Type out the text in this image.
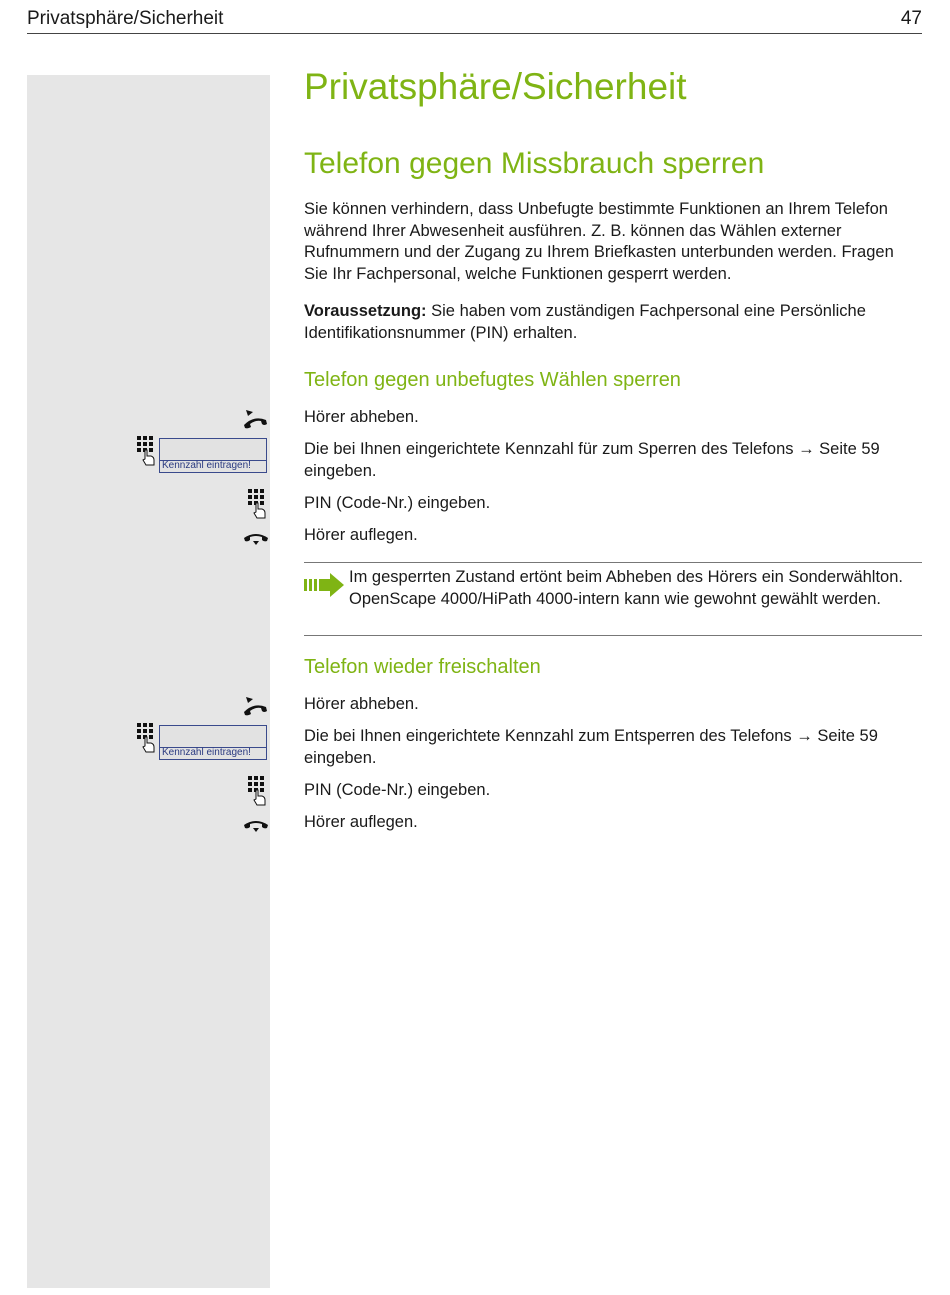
Privatsphäre/Sicherheit	47
Privatsphäre/Sicherheit
Telefon gegen Missbrauch sperren
Sie können verhindern, dass Unbefugte bestimmte Funktionen an Ihrem Telefon während Ihrer Abwesenheit ausführen. Z. B. können das Wählen externer Rufnummern und der Zugang zu Ihrem Briefkasten unterbunden werden. Fragen Sie Ihr Fachpersonal, welche Funktionen gesperrt werden.
Voraussetzung: Sie haben vom zuständigen Fachpersonal eine Persönliche Identifikationsnummer (PIN) erhalten.
Telefon gegen unbefugtes Wählen sperren
Hörer abheben.
Kennzahl eintragen!
Die bei Ihnen eingerichtete Kennzahl für zum Sperren des Telefons → Seite 59 eingeben.
PIN (Code-Nr.) eingeben.
Hörer auflegen.
Im gesperrten Zustand ertönt beim Abheben des Hörers ein Sonderwählton. OpenScape 4000/HiPath 4000-intern kann wie gewohnt gewählt werden.
Telefon wieder freischalten
Hörer abheben.
Kennzahl eintragen!
Die bei Ihnen eingerichtete Kennzahl zum Entsperren des Telefons → Seite 59 eingeben.
PIN (Code-Nr.) eingeben.
Hörer auflegen.
